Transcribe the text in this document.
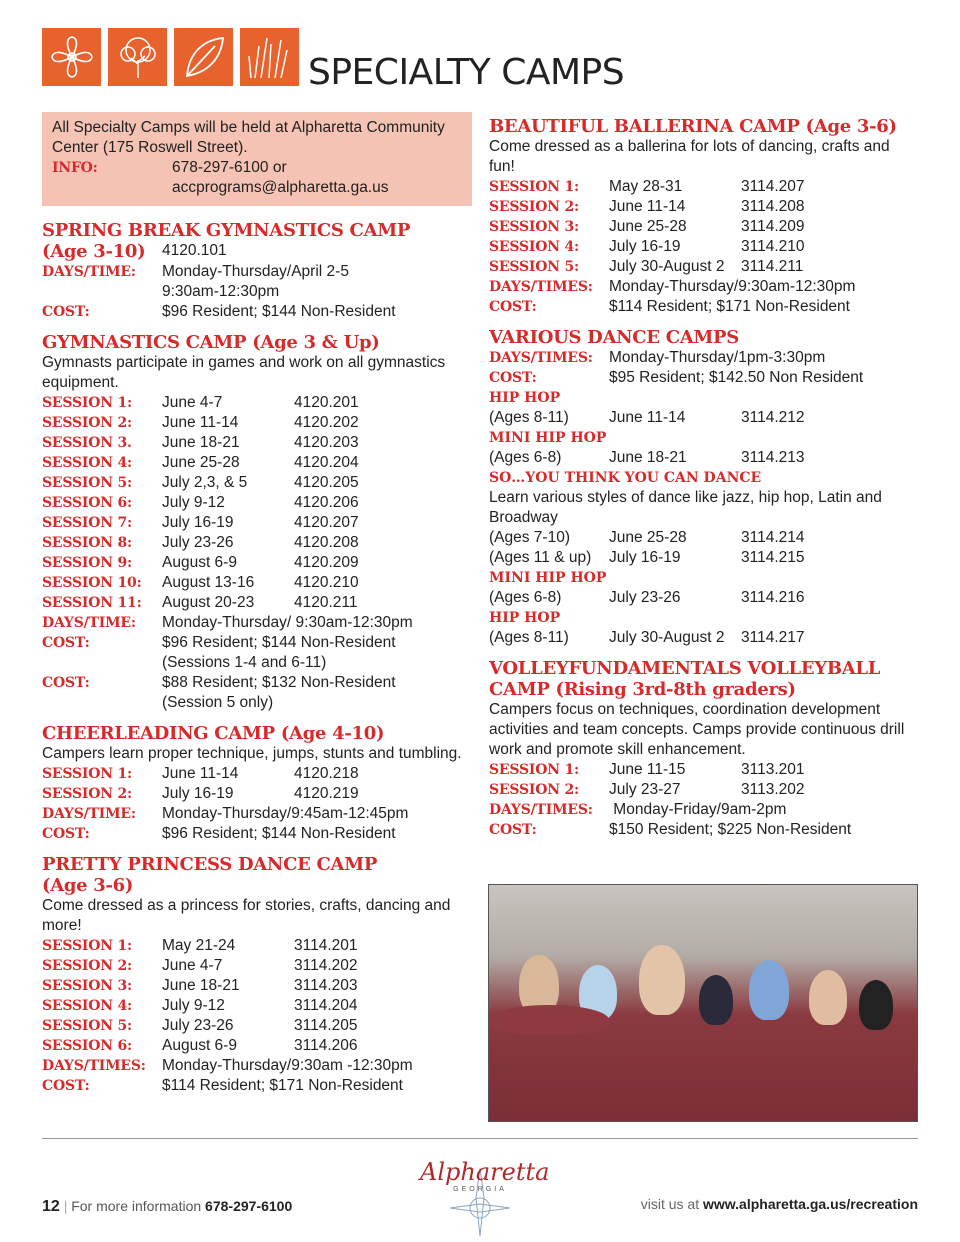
SPECIALTY CAMPS
All Specialty Camps will be held at Alpharetta Community Center (175 Roswell Street).
INFO:	678-297-6100 or
accprograms@alpharetta.ga.us
SPRING BREAK GYMNASTICS CAMP
(Age 3-10)	4120.101
DAYS/TIME:	Monday-Thursday/April 2-5
9:30am-12:30pm
COST:	$96 Resident; $144 Non-Resident
GYMNASTICS CAMP (Age 3 & Up)

Gymnasts participate in games and work on all gymnastics equipment.

SESSION 1:	June 4-7	4120.201
SESSION 2:	June 11-14	4120.202
SESSION 3.	June 18-21	4120.203
SESSION 4:	June 25-28	4120.204
SESSION 5:	July 2,3, & 5	4120.205
SESSION 6:	July 9-12	4120.206
SESSION 7:	July 16-19	4120.207
SESSION 8:	July 23-26	4120.208
SESSION 9:	August 6-9	4120.209
SESSION 10:	August 13-16	4120.210
SESSION 11:	August 20-23	4120.211
DAYS/TIME:	Monday-Thursday/ 9:30am-12:30pm
COST:	$96 Resident; $144 Non-Resident
(Sessions 1-4 and 6-11)
COST:	$88 Resident; $132 Non-Resident
(Session 5 only)
CHEERLEADING CAMP (Age 4-10)

Campers learn proper technique, jumps, stunts and tumbling.

SESSION 1:	June 11-14	4120.218
SESSION 2:	July 16-19	4120.219
DAYS/TIME:	Monday-Thursday/9:45am-12:45pm
COST:	$96 Resident; $144 Non-Resident
PRETTY PRINCESS DANCE CAMP
(Age 3-6)

Come dressed as a princess for stories, crafts, dancing and more!

SESSION 1:	May 21-24	3114.201
SESSION 2:	June 4-7	3114.202
SESSION 3:	June 18-21	3114.203
SESSION 4:	July 9-12	3114.204
SESSION 5:	July 23-26	3114.205
SESSION 6:	August 6-9	3114.206
DAYS/TIMES:	Monday-Thursday/9:30am -12:30pm
COST:	$114 Resident; $171 Non-Resident
BEAUTIFUL BALLERINA CAMP (Age 3-6)

Come dressed as a ballerina for lots of dancing, crafts and fun!

SESSION 1:	May 28-31	3114.207
SESSION 2:	June 11-14	3114.208
SESSION 3:	June 25-28	3114.209
SESSION 4:	July 16-19	3114.210
SESSION 5:	July 30-August 2	3114.211
DAYS/TIMES:	Monday-Thursday/9:30am-12:30pm
COST:	$114 Resident; $171 Non-Resident
VARIOUS DANCE CAMPS
DAYS/TIMES:	Monday-Thursday/1pm-3:30pm
COST:	$95 Resident; $142.50 Non Resident
HIP HOP
(Ages 8-11)	June 11-14	3114.212
MINI HIP HOP
(Ages 6-8)	June 18-21	3114.213
SO…YOU THINK YOU CAN DANCE

Learn various styles of dance like jazz, hip hop, Latin and Broadway

(Ages 7-10)	June 25-28	3114.214
(Ages 11 & up)	July 16-19	3114.215
MINI HIP HOP
(Ages 6-8)	July 23-26	3114.216
HIP HOP
(Ages 8-11)	July 30-August 2	3114.217
VOLLEYFUNDAMENTALS VOLLEYBALL
CAMP (Rising 3rd-8th graders)

Campers focus on techniques, coordination development activities and team concepts. Camps provide continuous drill work and promote skill enhancement.

SESSION 1:	June 11-15	3113.201
SESSION 2:	July 23-27	3113.202
DAYS/TIMES:	Monday-Friday/9am-2pm
COST:	$150 Resident; $225 Non-Resident
12 | For more information 678-297-6100
Alpharetta
GEORGIA
visit us at www.alpharetta.ga.us/recreation
